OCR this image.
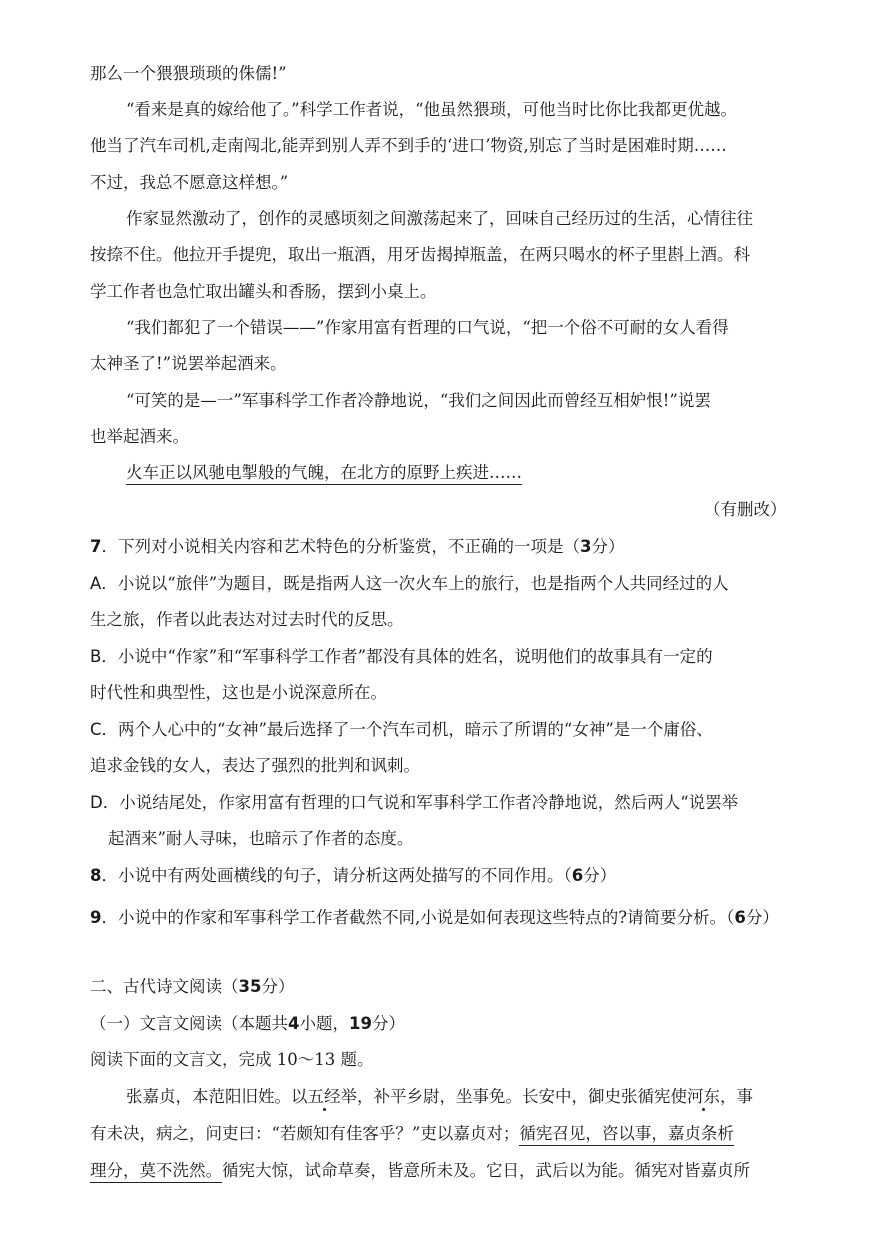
那么一个猥猥琐琐的侏儒!”
“看来是真的嫁给他了。”科学工作者说，“他虽然猥琐，可他当时比你比我都更优越。
他当了汽车司机,走南闯北,能弄到别人弄不到手的‘进口’物资,别忘了当时是困难时期……
不过，我总不愿意这样想。”
作家显然激动了，创作的灵感顷刻之间激荡起来了，回味自己经历过的生活，心情往往
按捺不住。他拉开手提兜，取出一瓶酒，用牙齿揭掉瓶盖，在两只喝水的杯子里斟上酒。科
学工作者也急忙取出罐头和香肠，摆到小桌上。
“我们都犯了一个错误——”作家用富有哲理的口气说，“把一个俗不可耐的女人看得
太神圣了!”说罢举起酒来。
“可笑的是—一”军事科学工作者冷静地说，“我们之间因此而曾经互相妒恨!”说罢
也举起酒来。
火车正以风驰电掣般的气魄，在北方的原野上疾进……
（有删改）
7．下列对小说相关内容和艺术特色的分析鉴赏，不正确的一项是（3分）
A．小说以“旅伴”为题目，既是指两人这一次火车上的旅行，也是指两个人共同经过的人
生之旅，作者以此表达对过去时代的反思。
B．小说中“作家”和“军事科学工作者”都没有具体的姓名，说明他们的故事具有一定的
时代性和典型性，这也是小说深意所在。
C．两个人心中的“女神”最后选择了一个汽车司机，暗示了所谓的“女神”是一个庸俗、
追求金钱的女人，表达了强烈的批判和讽刺。
D．小说结尾处，作家用富有哲理的口气说和军事科学工作者冷静地说，然后两人“说罢举
起酒来”耐人寻味，也暗示了作者的态度。
8．小说中有两处画横线的句子，请分析这两处描写的不同作用。（6分）
9．小说中的作家和军事科学工作者截然不同,小说是如何表现这些特点的?请简要分析。（6分）
二、古代诗文阅读（35分）
（一）文言文阅读（本题共4小题，19分）
阅读下面的文言文，完成 10～13 题。
张嘉贞，本范阳旧姓。以五经举，补平乡尉，坐事免。长安中，御史张循宪使河东，事
有未决，病之，问吏曰：“若颇知有佳客乎？”吏以嘉贞对；循宪召见，咨以事，嘉贞条析
理分，莫不洗然。循宪大惊，试命草奏，皆意所未及。它日，武后以为能。循宪对皆嘉贞所
